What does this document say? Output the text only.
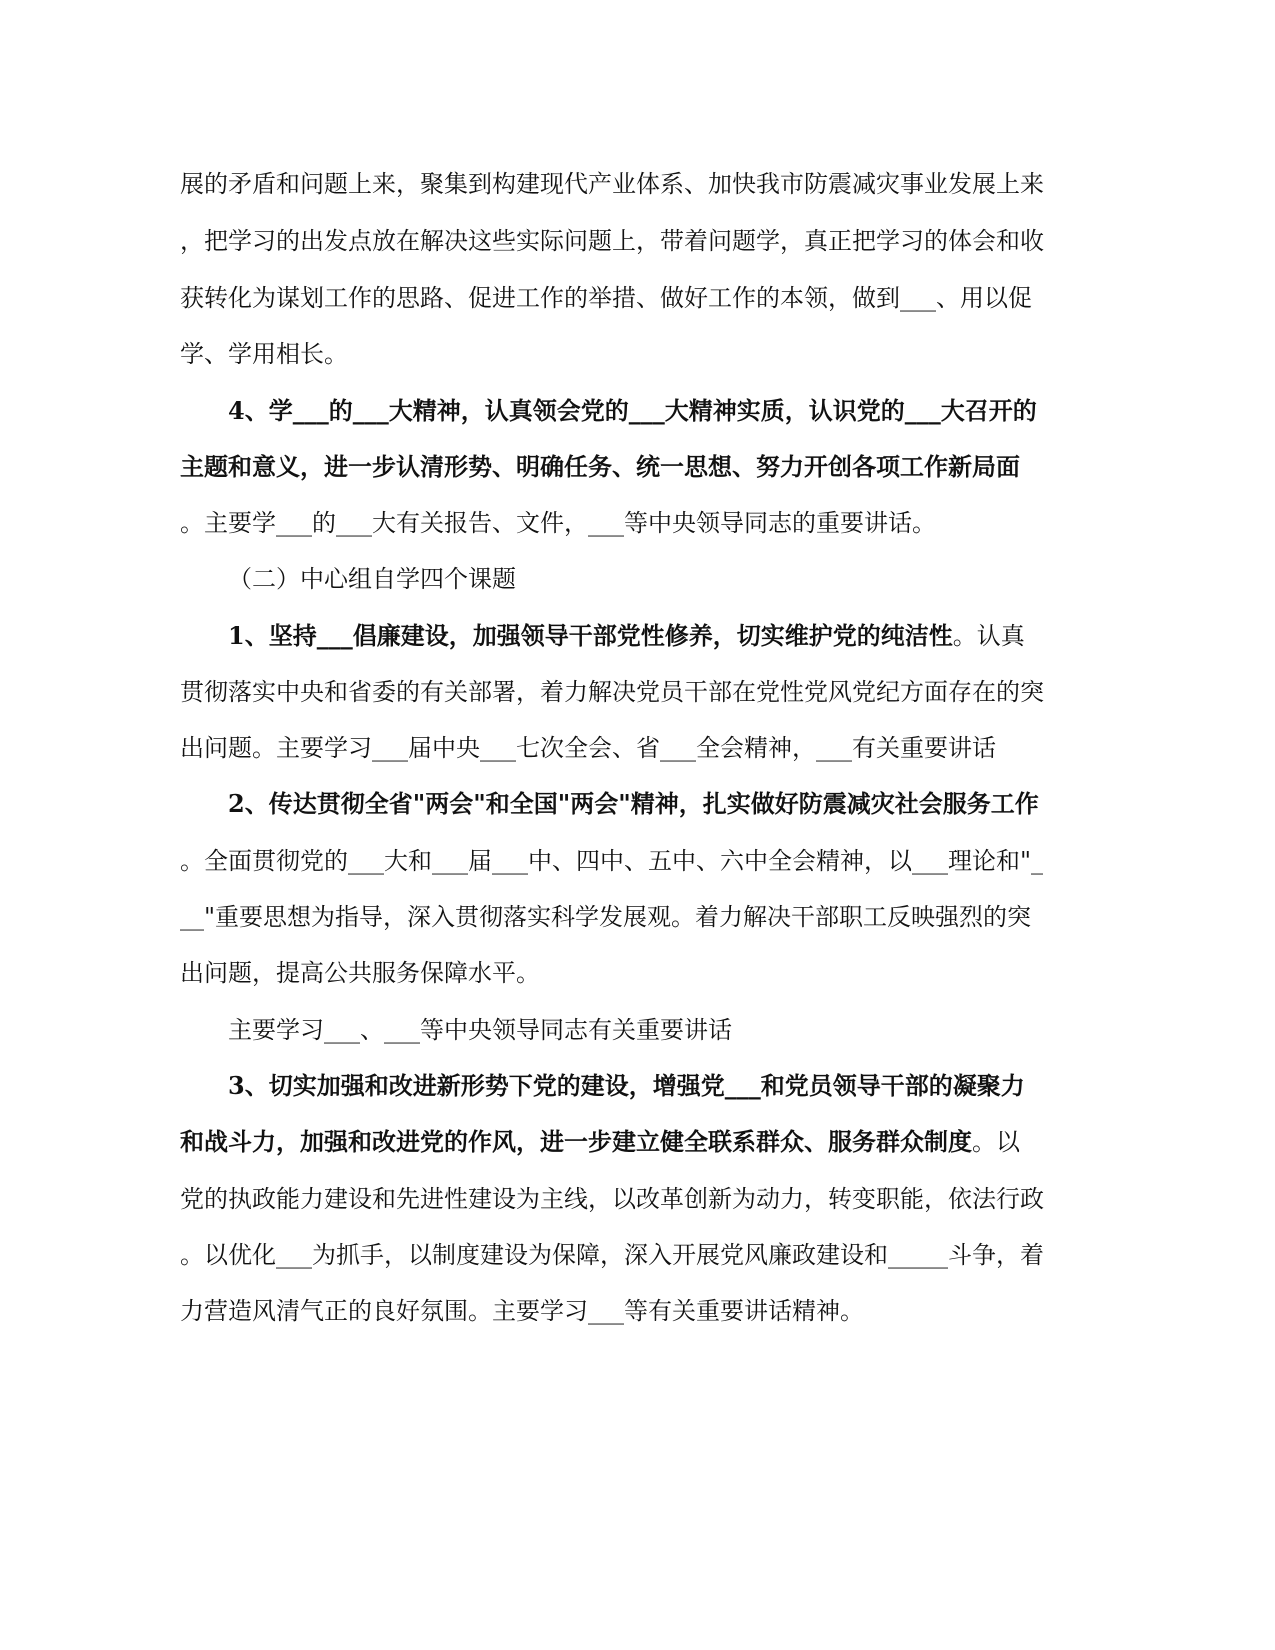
展的矛盾和问题上来，聚集到构建现代产业体系、加快我市防震减灾事业发展上来
，把学习的出发点放在解决这些实际问题上，带着问题学，真正把学习的体会和收
获转化为谋划工作的思路、促进工作的举措、做好工作的本领，做到___、用以促
学、学用相长。
4、学___的___大精神，认真领会党的___大精神实质，认识党的___大召开的
主题和意义，进一步认清形势、明确任务、统一思想、努力开创各项工作新局面
。主要学___的___大有关报告、文件，___等中央领导同志的重要讲话。
（二）中心组自学四个课题
1、坚持___倡廉建设，加强领导干部党性修养，切实维护党的纯洁性。认真
贯彻落实中央和省委的有关部署，着力解决党员干部在党性党风党纪方面存在的突
出问题。主要学习___届中央___七次全会、省___全会精神，___有关重要讲话
2、传达贯彻全省"两会"和全国"两会"精神，扎实做好防震减灾社会服务工作
。全面贯彻党的___大和___届___中、四中、五中、六中全会精神，以___理论和"_
__"重要思想为指导，深入贯彻落实科学发展观。着力解决干部职工反映强烈的突
出问题，提高公共服务保障水平。
主要学习___、___等中央领导同志有关重要讲话
3、切实加强和改进新形势下党的建设，增强党___和党员领导干部的凝聚力
和战斗力，加强和改进党的作风，进一步建立健全联系群众、服务群众制度。以
党的执政能力建设和先进性建设为主线，以改革创新为动力，转变职能，依法行政
。以优化___为抓手，以制度建设为保障，深入开展党风廉政建设和_____斗争，着
力营造风清气正的良好氛围。主要学习___等有关重要讲话精神。
